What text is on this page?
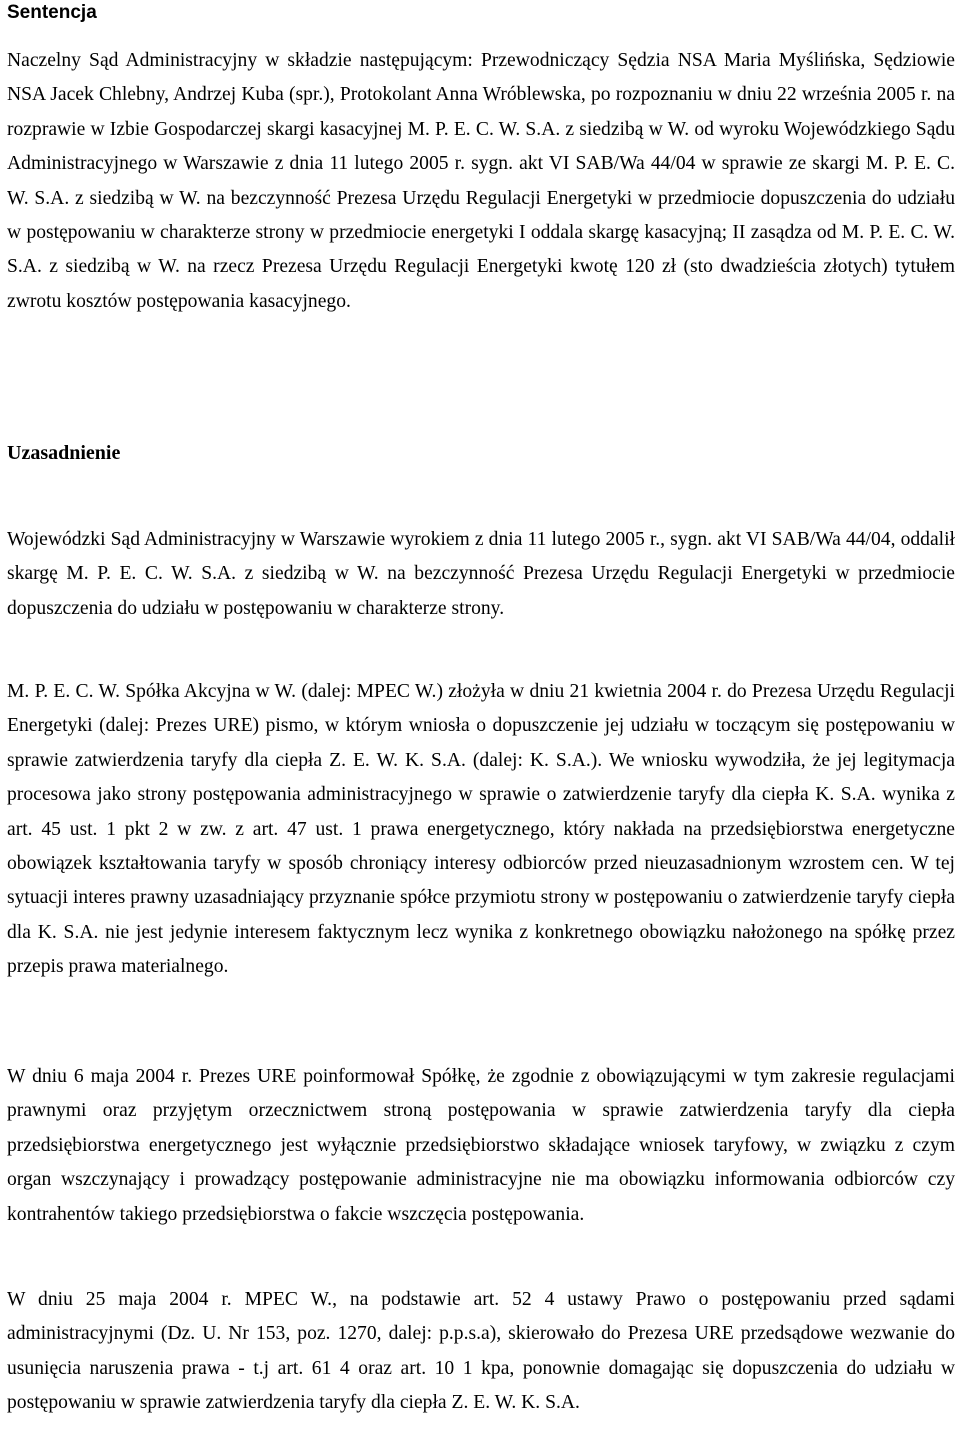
Sentencja

Naczelny Sąd Administracyjny w składzie następującym: Przewodniczący Sędzia NSA Maria Myślińska, Sędziowie NSA Jacek Chlebny, Andrzej Kuba (spr.), Protokolant Anna Wróblewska, po rozpoznaniu w dniu 22 września 2005 r. na rozprawie w Izbie Gospodarczej skargi kasacyjnej M. P. E. C. W. S.A. z siedzibą w W. od wyroku Wojewódzkiego Sądu Administracyjnego w Warszawie z dnia 11 lutego 2005 r. sygn. akt VI SAB/Wa 44/04 w sprawie ze skargi M. P. E. C. W. S.A. z siedzibą w W. na bezczynność Prezesa Urzędu Regulacji Energetyki w przedmiocie dopuszczenia do udziału w postępowaniu w charakterze strony w przedmiocie energetyki I oddala skargę kasacyjną; II zasądza od M. P. E. C. W. S.A. z siedzibą w W. na rzecz Prezesa Urzędu Regulacji Energetyki kwotę 120 zł (sto dwadzieścia złotych) tytułem zwrotu kosztów postępowania kasacyjnego.

Uzasadnienie

Wojewódzki Sąd Administracyjny w Warszawie wyrokiem z dnia 11 lutego 2005 r., sygn. akt VI SAB/Wa 44/04, oddalił skargę M. P. E. C. W. S.A. z siedzibą w W. na bezczynność Prezesa Urzędu Regulacji Energetyki w przedmiocie dopuszczenia do udziału w postępowaniu w charakterze strony.

M. P. E. C. W. Spółka Akcyjna w W. (dalej: MPEC W.) złożyła w dniu 21 kwietnia 2004 r. do Prezesa Urzędu Regulacji Energetyki (dalej: Prezes URE) pismo, w którym wniosła o dopuszczenie jej udziału w toczącym się postępowaniu w sprawie zatwierdzenia taryfy dla ciepła Z. E. W. K. S.A. (dalej: K. S.A.). We wniosku wywodziła, że jej legitymacja procesowa jako strony postępowania administracyjnego w sprawie o zatwierdzenie taryfy dla ciepła K. S.A. wynika z art. 45 ust. 1 pkt 2 w zw. z art. 47 ust. 1 prawa energetycznego, który nakłada na przedsiębiorstwa energetyczne obowiązek kształtowania taryfy w sposób chroniący interesy odbiorców przed nieuzasadnionym wzrostem cen. W tej sytuacji interes prawny uzasadniający przyznanie spółce przymiotu strony w postępowaniu o zatwierdzenie taryfy ciepła dla K. S.A. nie jest jedynie interesem faktycznym lecz wynika z konkretnego obowiązku nałożonego na spółkę przez przepis prawa materialnego.

W dniu 6 maja 2004 r. Prezes URE poinformował Spółkę, że zgodnie z obowiązującymi w tym zakresie regulacjami prawnymi oraz przyjętym orzecznictwem stroną postępowania w sprawie zatwierdzenia taryfy dla ciepła przedsiębiorstwa energetycznego jest wyłącznie przedsiębiorstwo składające wniosek taryfowy, w związku z czym organ wszczynający i prowadzący postępowanie administracyjne nie ma obowiązku informowania odbiorców czy kontrahentów takiego przedsiębiorstwa o fakcie wszczęcia postępowania.

W dniu 25 maja 2004 r. MPEC W., na podstawie art. 52 4 ustawy Prawo o postępowaniu przed sądami administracyjnymi (Dz. U. Nr 153, poz. 1270, dalej: p.p.s.a), skierowało do Prezesa URE przedsądowe wezwanie do usunięcia naruszenia prawa - t.j art. 61 4 oraz art. 10 1 kpa, ponownie domagając się dopuszczenia do udziału w postępowaniu w sprawie zatwierdzenia taryfy dla ciepła Z. E. W. K. S.A.
